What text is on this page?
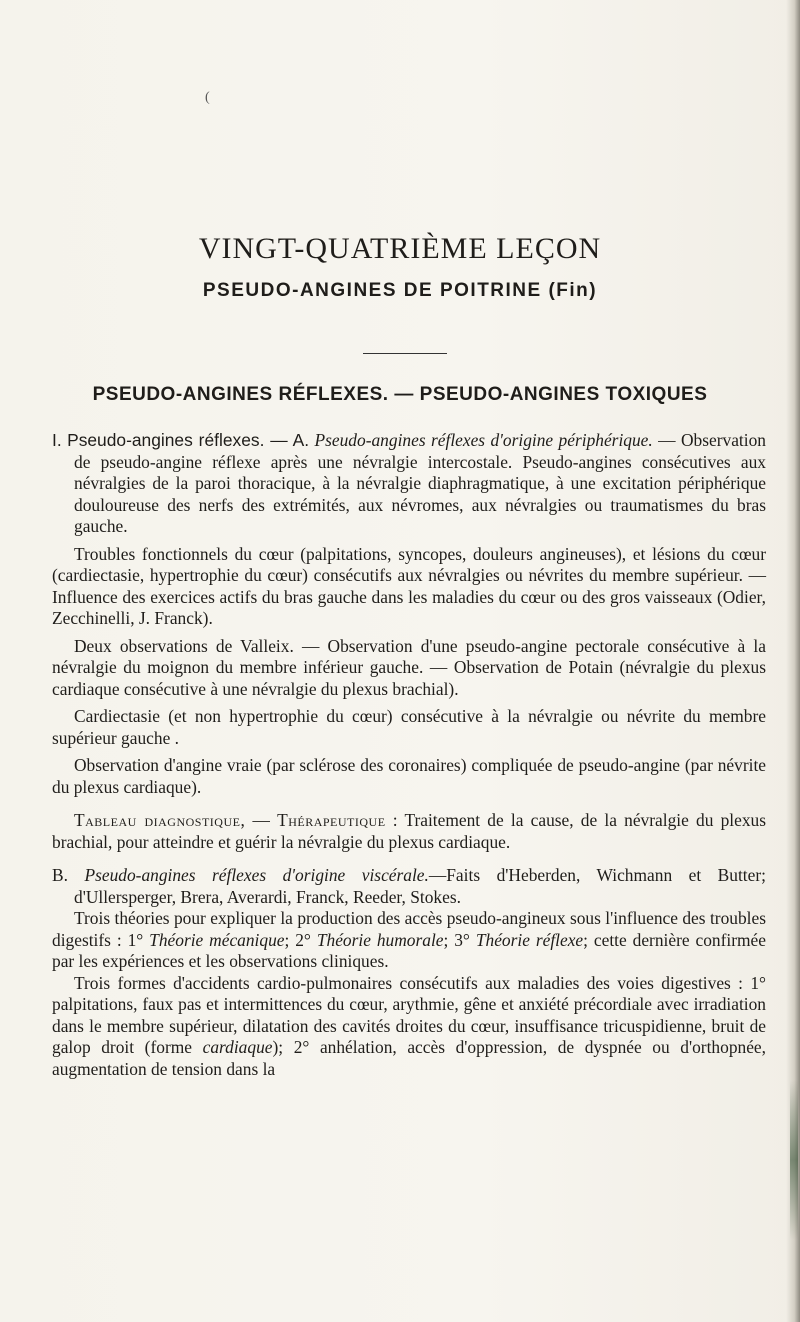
(
VINGT-QUATRIÈME LEÇON
PSEUDO-ANGINES DE POITRINE (Fin)
PSEUDO-ANGINES RÉFLEXES. — PSEUDO-ANGINES TOXIQUES

I. Pseudo-angines réflexes. — A. Pseudo-angines réflexes d'origine périphérique. — Observation de pseudo-angine réflexe après une névralgie intercostale. Pseudo-angines consécutives aux névralgies de la paroi thoracique, à la névralgie diaphragmatique, à une excitation périphérique douloureuse des nerfs des extrémités, aux névromes, aux névralgies ou traumatismes du bras gauche.

Troubles fonctionnels du cœur (palpitations, syncopes, douleurs angineuses), et lésions du cœur (cardiectasie, hypertrophie du cœur) consécutifs aux névralgies ou névrites du membre supérieur. — Influence des exercices actifs du bras gauche dans les maladies du cœur ou des gros vaisseaux (Odier, Zecchinelli, J. Franck).

Deux observations de Valleix. — Observation d'une pseudo-angine pectorale consécutive à la névralgie du moignon du membre inférieur gauche. — Observation de Potain (névralgie du plexus cardiaque consécutive à une névralgie du plexus brachial).

Cardiectasie (et non hypertrophie du cœur) consécutive à la névralgie ou névrite du membre supérieur gauche .

Observation d'angine vraie (par sclérose des coronaires) compliquée de pseudo-angine (par névrite du plexus cardiaque).

Tableau diagnostique, — Thérapeutique : Traitement de la cause, de la névralgie du plexus brachial, pour atteindre et guérir la névralgie du plexus cardiaque.

B. Pseudo-angines réflexes d'origine viscérale.—Faits d'Heberden, Wichmann et Butter; d'Ullersperger, Brera, Averardi, Franck, Reeder, Stokes.

Trois théories pour expliquer la production des accès pseudo-angineux sous l'influence des troubles digestifs : 1° Théorie mécanique; 2° Théorie humorale; 3° Théorie réflexe; cette dernière confirmée par les expériences et les observations cliniques.

Trois formes d'accidents cardio-pulmonaires consécutifs aux maladies des voies digestives : 1° palpitations, faux pas et intermittences du cœur, arythmie, gêne et anxiété précordiale avec irradiation dans le membre supérieur, dilatation des cavités droites du cœur, insuffisance tricuspidienne, bruit de galop droit (forme cardiaque); 2° anhélation, accès d'oppression, de dyspnée ou d'orthopnée, augmentation de tension dans la
